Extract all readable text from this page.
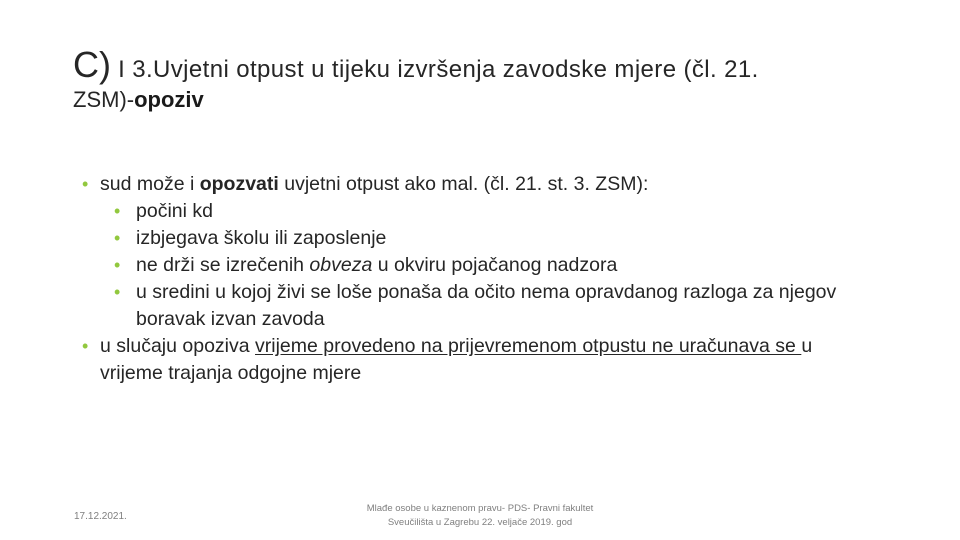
C) I 3.Uvjetni otpust u tijeku izvršenja zavodske mjere (čl. 21.
ZSM)-opoziv
• sud može i opozvati uvjetni otpust ako mal. (čl. 21. st. 3. ZSM):
• počini kd
• izbjegava školu ili zaposlenje
• ne drži se izrečenih obveza u okviru pojačanog nadzora
• u sredini u kojoj živi se loše ponaša da očito nema opravdanog razloga za njegov boravak izvan zavoda
• u slučaju opoziva vrijeme provedeno na prijevremenom otpustu ne uračunava se u vrijeme trajanja odgojne mjere
17.12.2021.
Mlađe osobe u kaznenom pravu- PDS- Pravni fakultet
Sveučilišta u Zagrebu 22. veljače 2019. god
